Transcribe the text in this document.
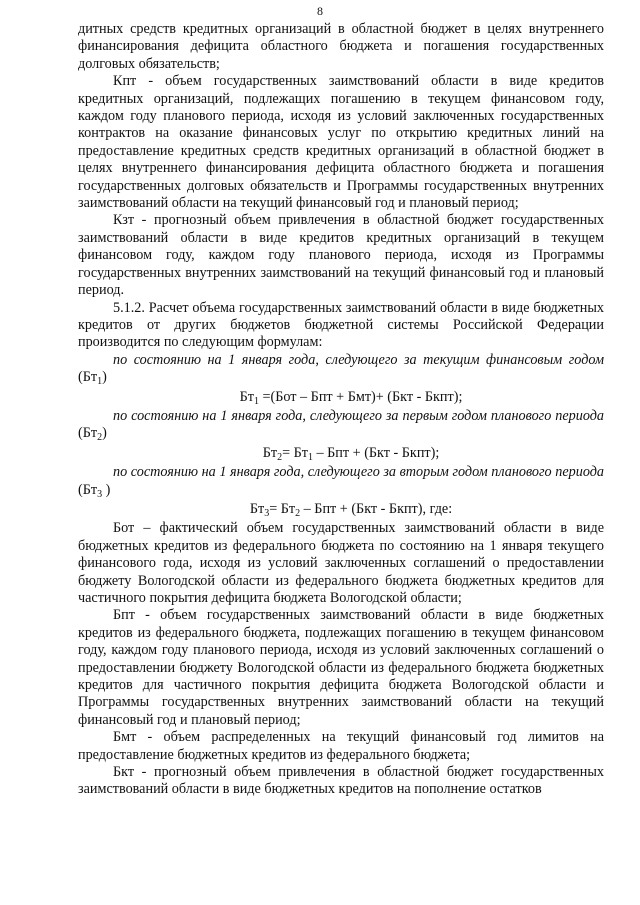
8

дитных средств кредитных организаций в областной бюджет в целях внутреннего финансирования дефицита областного бюджета и погашения государственных долговых обязательств;

Кпт - объем государственных заимствований области в виде кредитов кредитных организаций, подлежащих погашению в текущем финансовом году, каждом году планового периода, исходя из условий заключенных государственных контрактов на оказание финансовых услуг по открытию кредитных линий на предоставление кредитных средств кредитных организаций в областной бюджет в целях внутреннего финансирования дефицита областного бюджета и погашения государственных долговых обязательств и Программы государственных внутренних заимствований области на текущий финансовый год и плановый период;

Кзт - прогнозный объем привлечения в областной бюджет государственных заимствований области в виде кредитов кредитных организаций в текущем финансовом году, каждом году планового периода, исходя из Программы государственных внутренних заимствований на текущий финансовый год и плановый период.

5.1.2. Расчет объема государственных заимствований области в виде бюджетных кредитов от других бюджетов бюджетной системы Российской Федерации производится по следующим формулам:

по состоянию на 1 января года, следующего за текущим финансовым годом $(Бт_1)$

$Бт_1 =(Бот$ – Бпт + Бмт)+ (Бкт - Бкпт);

по состоянию на 1 января года, следующего за первым годом планового периода $(Бт_2)$

$Бт_2= Бт_1$ – Бпт + (Бкт - Бкпт);

по состоянию на 1 января года, следующего за вторым годом планового периода ($Бт_3$ )

$Бт_3= Бт_2$ – Бпт + (Бкт - Бкпт), где:

Бот – фактический объем государственных заимствований области в виде бюджетных кредитов из федерального бюджета по состоянию на 1 января текущего финансового года, исходя из условий заключенных соглашений о предоставлении бюджету Вологодской области из федерального бюджета бюджетных кредитов для частичного покрытия дефицита бюджета Вологодской области;

Бпт - объем государственных заимствований области в виде бюджетных кредитов из федерального бюджета, подлежащих погашению в текущем финансовом году, каждом году планового периода, исходя из условий заключенных соглашений о предоставлении бюджету Вологодской области из федерального бюджета бюджетных кредитов для частичного покрытия дефицита бюджета Вологодской области и Программы государственных внутренних заимствований области на текущий финансовый год и плановый период;

Бмт - объем распределенных на текущий финансовый год лимитов на предоставление бюджетных кредитов из федерального бюджета;

Бкт - прогнозный объем привлечения в областной бюджет государственных заимствований области в виде бюджетных кредитов на пополнение остатков
